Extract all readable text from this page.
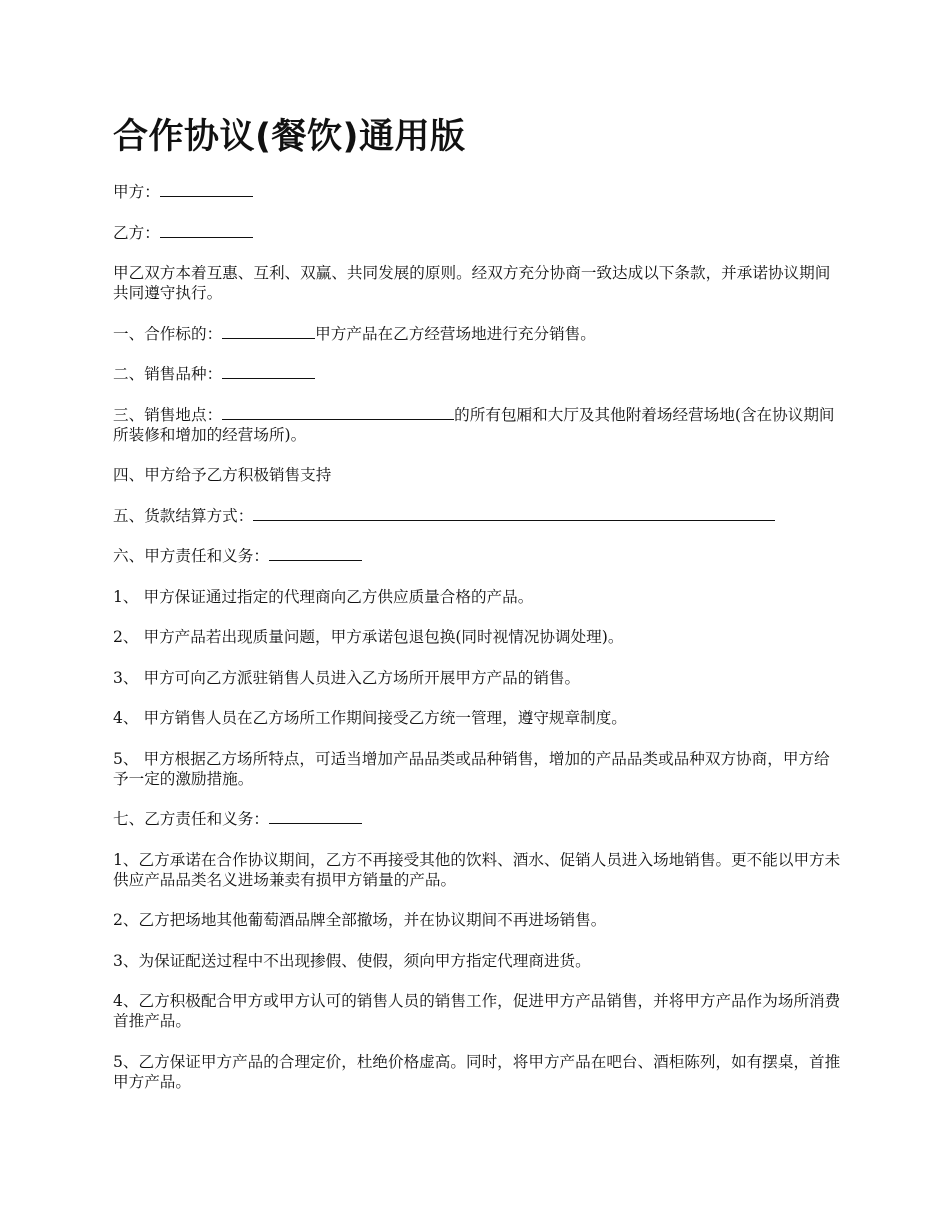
合作协议(餐饮)通用版

甲方：

乙方：

甲乙双方本着互惠、互利、双赢、共同发展的原则。经双方充分协商一致达成以下条款，并承诺协议期间共同遵守执行。

一、合作标的：	甲方产品在乙方经营场地进行充分销售。

二、销售品种：

三、销售地点：	的所有包厢和大厅及其他附着场经营场地(含在协议期间所装修和增加的经营场所)。

四、甲方给予乙方积极销售支持

五、货款结算方式：

六、甲方责任和义务：

1、 甲方保证通过指定的代理商向乙方供应质量合格的产品。

2、 甲方产品若出现质量问题，甲方承诺包退包换(同时视情况协调处理)。

3、 甲方可向乙方派驻销售人员进入乙方场所开展甲方产品的销售。

4、 甲方销售人员在乙方场所工作期间接受乙方统一管理，遵守规章制度。

5、 甲方根据乙方场所特点，可适当增加产品品类或品种销售，增加的产品品类或品种双方协商，甲方给予一定的激励措施。

七、乙方责任和义务：

1、乙方承诺在合作协议期间，乙方不再接受其他的饮料、酒水、促销人员进入场地销售。更不能以甲方未供应产品品类名义进场兼卖有损甲方销量的产品。

2、乙方把场地其他葡萄酒品牌全部撤场，并在协议期间不再进场销售。

3、为保证配送过程中不出现掺假、使假，须向甲方指定代理商进货。

4、乙方积极配合甲方或甲方认可的销售人员的销售工作，促进甲方产品销售，并将甲方产品作为场所消费首推产品。

5、乙方保证甲方产品的合理定价，杜绝价格虚高。同时，将甲方产品在吧台、酒柜陈列，如有摆桌，首推甲方产品。
